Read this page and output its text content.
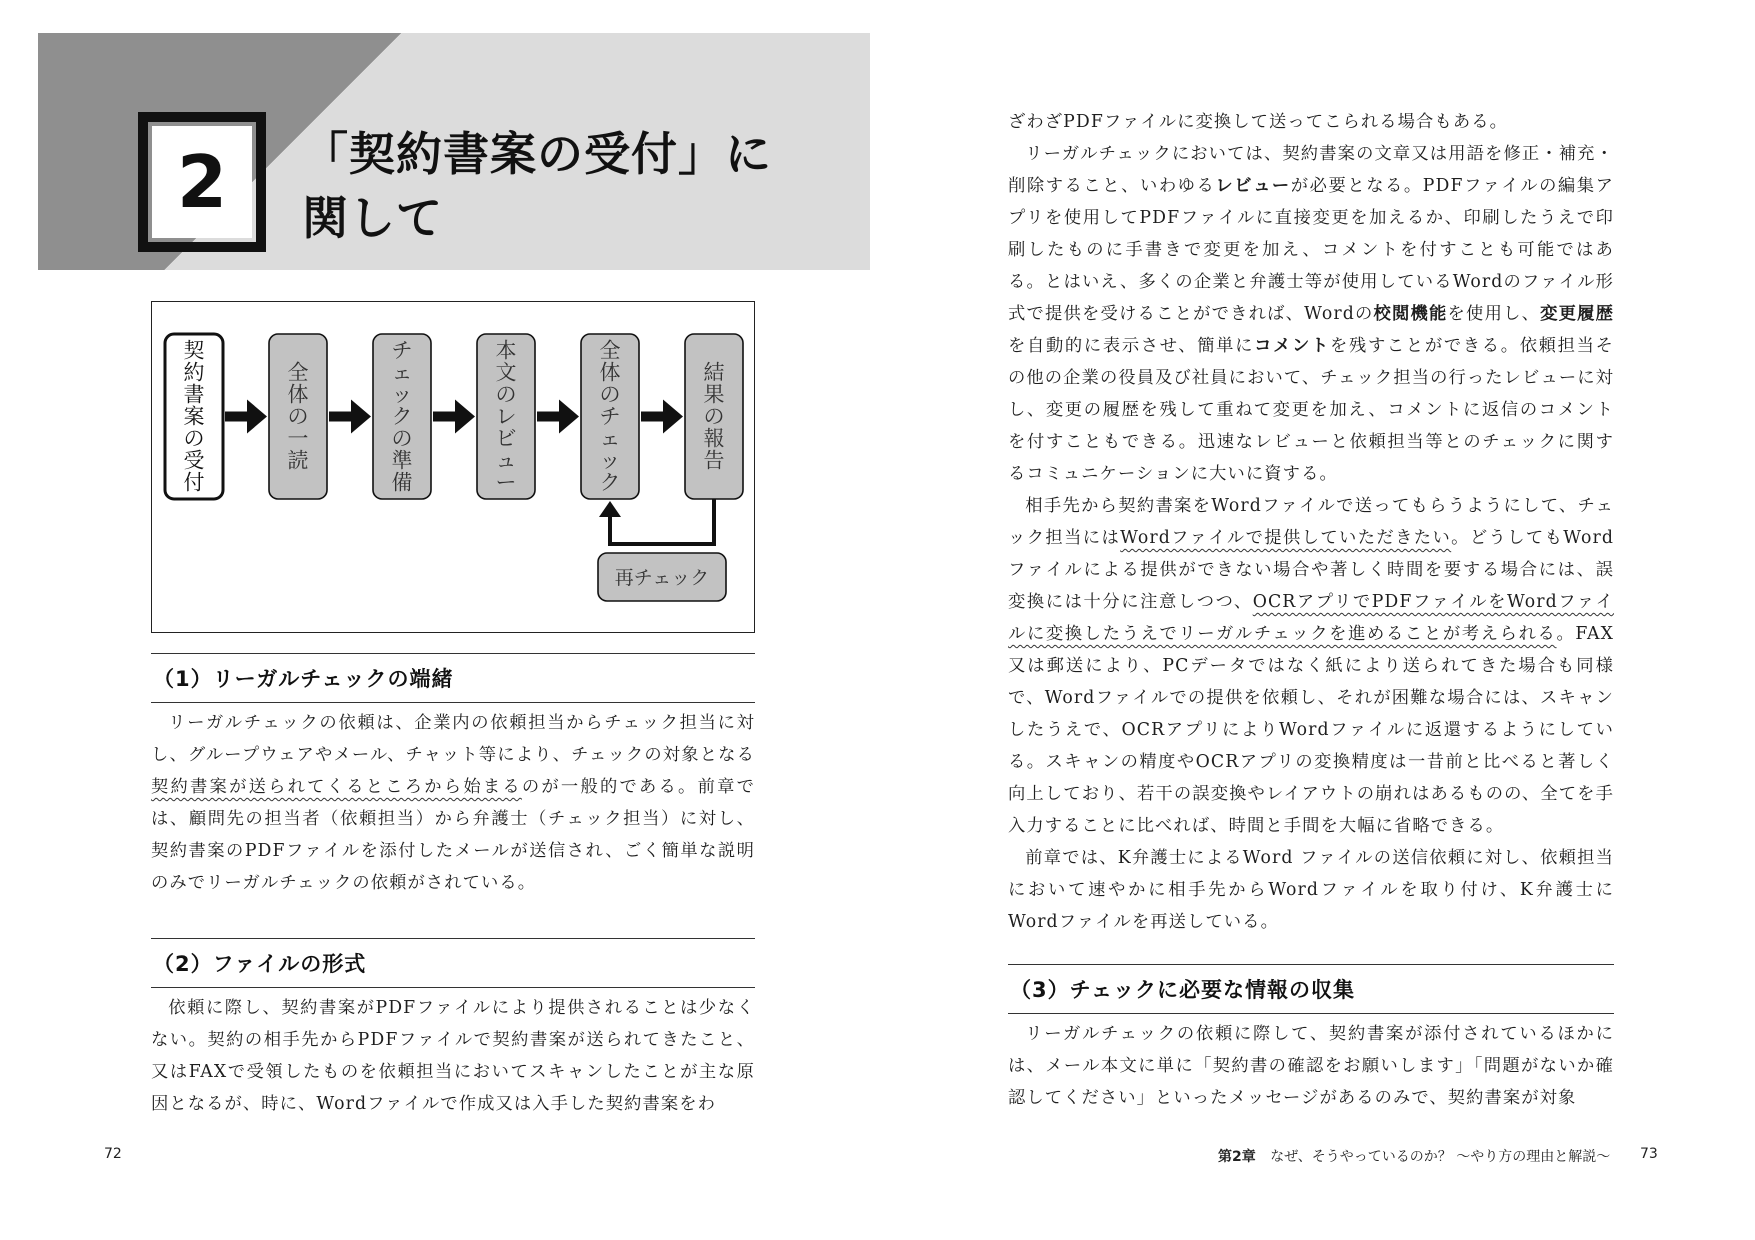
2 「契約書案の受付」に
関して
契約書案の受付
全体の一読
チェックの準備
本文のレビュー
全体のチェック
結果の報告
再チェック
（1）リーガルチェックの端緒

リーガルチェックの依頼は、企業内の依頼担当からチェック担当に対し、グループウェアやメール、チャット等により、チェックの対象となる契約書案が送られてくるところから始まるのが一般的である。前章では、顧問先の担当者（依頼担当）から弁護士（チェック担当）に対し、契約書案のPDFファイルを添付したメールが送信され、ごく簡単な説明のみでリーガルチェックの依頼がされている。

（2）ファイルの形式

依頼に際し、契約書案がPDFファイルにより提供されることは少なくない。契約の相手先からPDFファイルで契約書案が送られてきたこと、又はFAXで受領したものを依頼担当においてスキャンしたことが主な原因となるが、時に、Wordファイルで作成又は入手した契約書案をわ

72

ざわざPDFファイルに変換して送ってこられる場合もある。

リーガルチェックにおいては、契約書案の文章又は用語を修正・補充・削除すること、いわゆるレビューが必要となる。PDFファイルの編集アプリを使用してPDFファイルに直接変更を加えるか、印刷したうえで印刷したものに手書きで変更を加え、コメントを付すことも可能ではある。とはいえ、多くの企業と弁護士等が使用しているWordのファイル形式で提供を受けることができれば、Wordの校閲機能を使用し、変更履歴を自動的に表示させ、簡単にコメントを残すことができる。依頼担当その他の企業の役員及び社員において、チェック担当の行ったレビューに対し、変更の履歴を残して重ねて変更を加え、コメントに返信のコメントを付すこともできる。迅速なレビューと依頼担当等とのチェックに関するコミュニケーションに大いに資する。

相手先から契約書案をWordファイルで送ってもらうようにして、チェック担当にはWordファイルで提供していただきたい。どうしてもWordファイルによる提供ができない場合や著しく時間を要する場合には、誤変換には十分に注意しつつ、OCRアプリでPDFファイルをWordファイルに変換したうえでリーガルチェックを進めることが考えられる。FAX又は郵送により、PCデータではなく紙により送られてきた場合も同様で、Wordファイルでの提供を依頼し、それが困難な場合には、スキャンしたうえで、OCRアプリによりWordファイルに返還するようにしている。スキャンの精度やOCRアプリの変換精度は一昔前と比べると著しく向上しており、若干の誤変換やレイアウトの崩れはあるものの、全てを手入力することに比べれば、時間と手間を大幅に省略できる。

前章では、K弁護士によるWord ファイルの送信依頼に対し、依頼担当において速やかに相手先からWordファイルを取り付け、K弁護士にWordファイルを再送している。

（3）チェックに必要な情報の収集

リーガルチェックの依頼に際して、契約書案が添付されているほかには、メール本文に単に「契約書の確認をお願いします」「問題がないか確認してください」といったメッセージがあるのみで、契約書案が対象

第2章 なぜ、そうやっているのか？ 〜やり方の理由と解説〜 73
